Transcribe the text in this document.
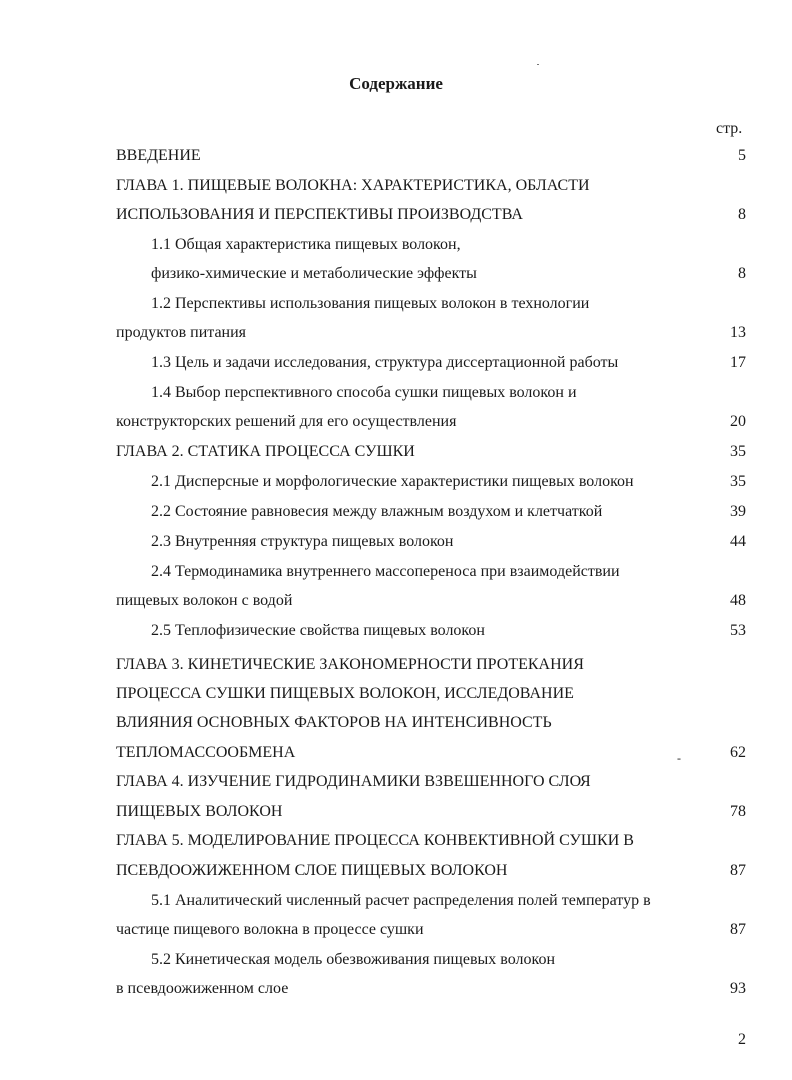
Содержание
стр.
ВВЕДЕНИЕ	5
ГЛАВА 1. ПИЩЕВЫЕ ВОЛОКНА: ХАРАКТЕРИСТИКА, ОБЛАСТИ
ИСПОЛЬЗОВАНИЯ И ПЕРСПЕКТИВЫ ПРОИЗВОДСТВА	8
1.1 Общая характеристика пищевых волокон,
физико-химические и метаболические эффекты	8
1.2 Перспективы использования пищевых волокон в технологии
продуктов питания	13
1.3 Цель и задачи исследования, структура диссертационной работы	17
1.4 Выбор перспективного способа сушки пищевых волокон и
конструкторских решений для его осуществления	20
ГЛАВА 2. СТАТИКА ПРОЦЕССА СУШКИ	35
2.1 Дисперсные и морфологические характеристики пищевых волокон	35
2.2 Состояние равновесия между влажным воздухом и клетчаткой	39
2.3 Внутренняя структура пищевых волокон	44
2.4 Термодинамика внутреннего массопереноса при взаимодействии
пищевых волокон с водой	48
2.5 Теплофизические свойства пищевых волокон	53
ГЛАВА 3. КИНЕТИЧЕСКИЕ ЗАКОНОМЕРНОСТИ ПРОТЕКАНИЯ
ПРОЦЕССА СУШКИ ПИЩЕВЫХ ВОЛОКОН, ИССЛЕДОВАНИЕ
ВЛИЯНИЯ ОСНОВНЫХ ФАКТОРОВ НА ИНТЕНСИВНОСТЬ
ТЕПЛОМАССООБМЕНА	-	62
ГЛАВА 4. ИЗУЧЕНИЕ ГИДРОДИНАМИКИ ВЗВЕШЕННОГО СЛОЯ
ПИЩЕВЫХ ВОЛОКОН	78
ГЛАВА 5. МОДЕЛИРОВАНИЕ ПРОЦЕССА КОНВЕКТИВНОЙ СУШКИ В
ПСЕВДООЖИЖЕННОМ СЛОЕ ПИЩЕВЫХ ВОЛОКОН	87
5.1 Аналитический численный расчет распределения полей температур в
частице пищевого волокна в процессе сушки	87
5.2 Кинетическая модель обезвоживания пищевых волокон
в псевдоожиженном слое	93
2
